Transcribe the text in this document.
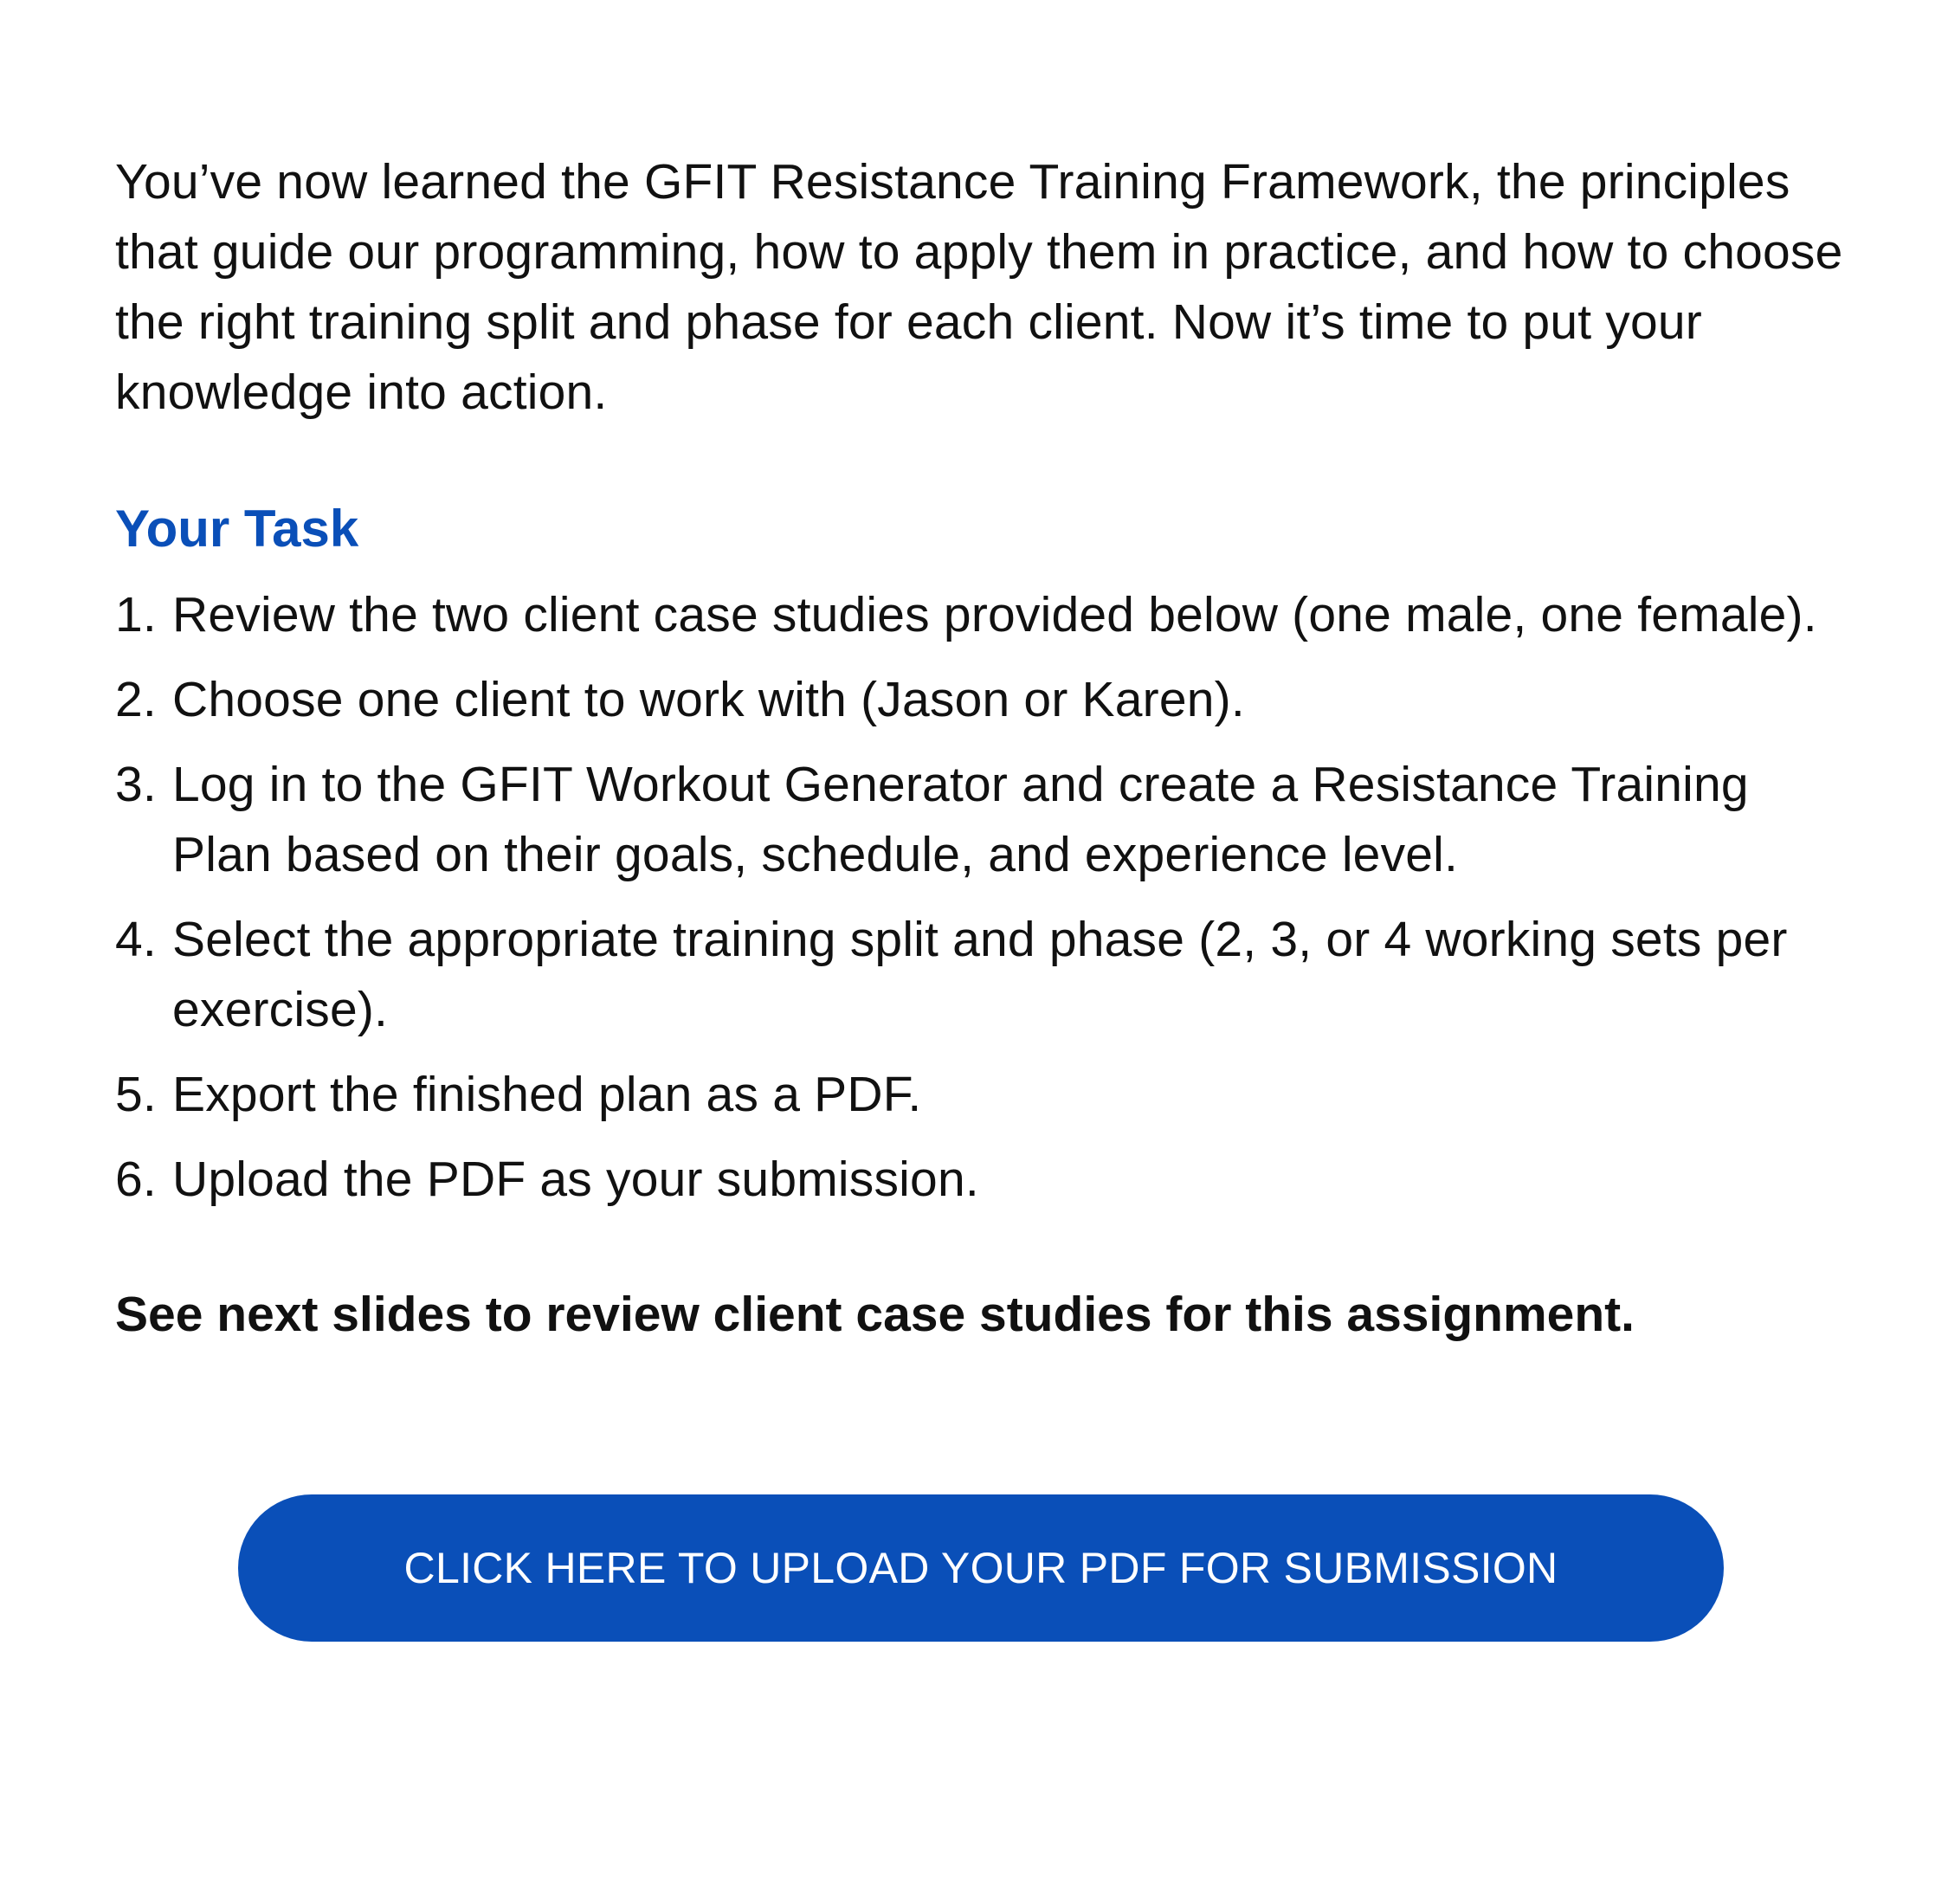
You’ve now learned the GFIT Resistance Training Framework, the principles that guide our programming, how to apply them in practice, and how to choose the right training split and phase for each client. Now it’s time to put your knowledge into action.

Your Task
1. Review the two client case studies provided below (one male, one female).
2. Choose one client to work with (Jason or Karen).
3. Log in to the GFIT Workout Generator and create a Resistance Training Plan based on their goals, schedule, and experience level.
4. Select the appropriate training split and phase (2, 3, or 4 working sets per exercise).
5. Export the finished plan as a PDF.
6. Upload the PDF as your submission.

See next slides to review client case studies for this assignment.

CLICK HERE TO UPLOAD YOUR PDF FOR SUBMISSION
